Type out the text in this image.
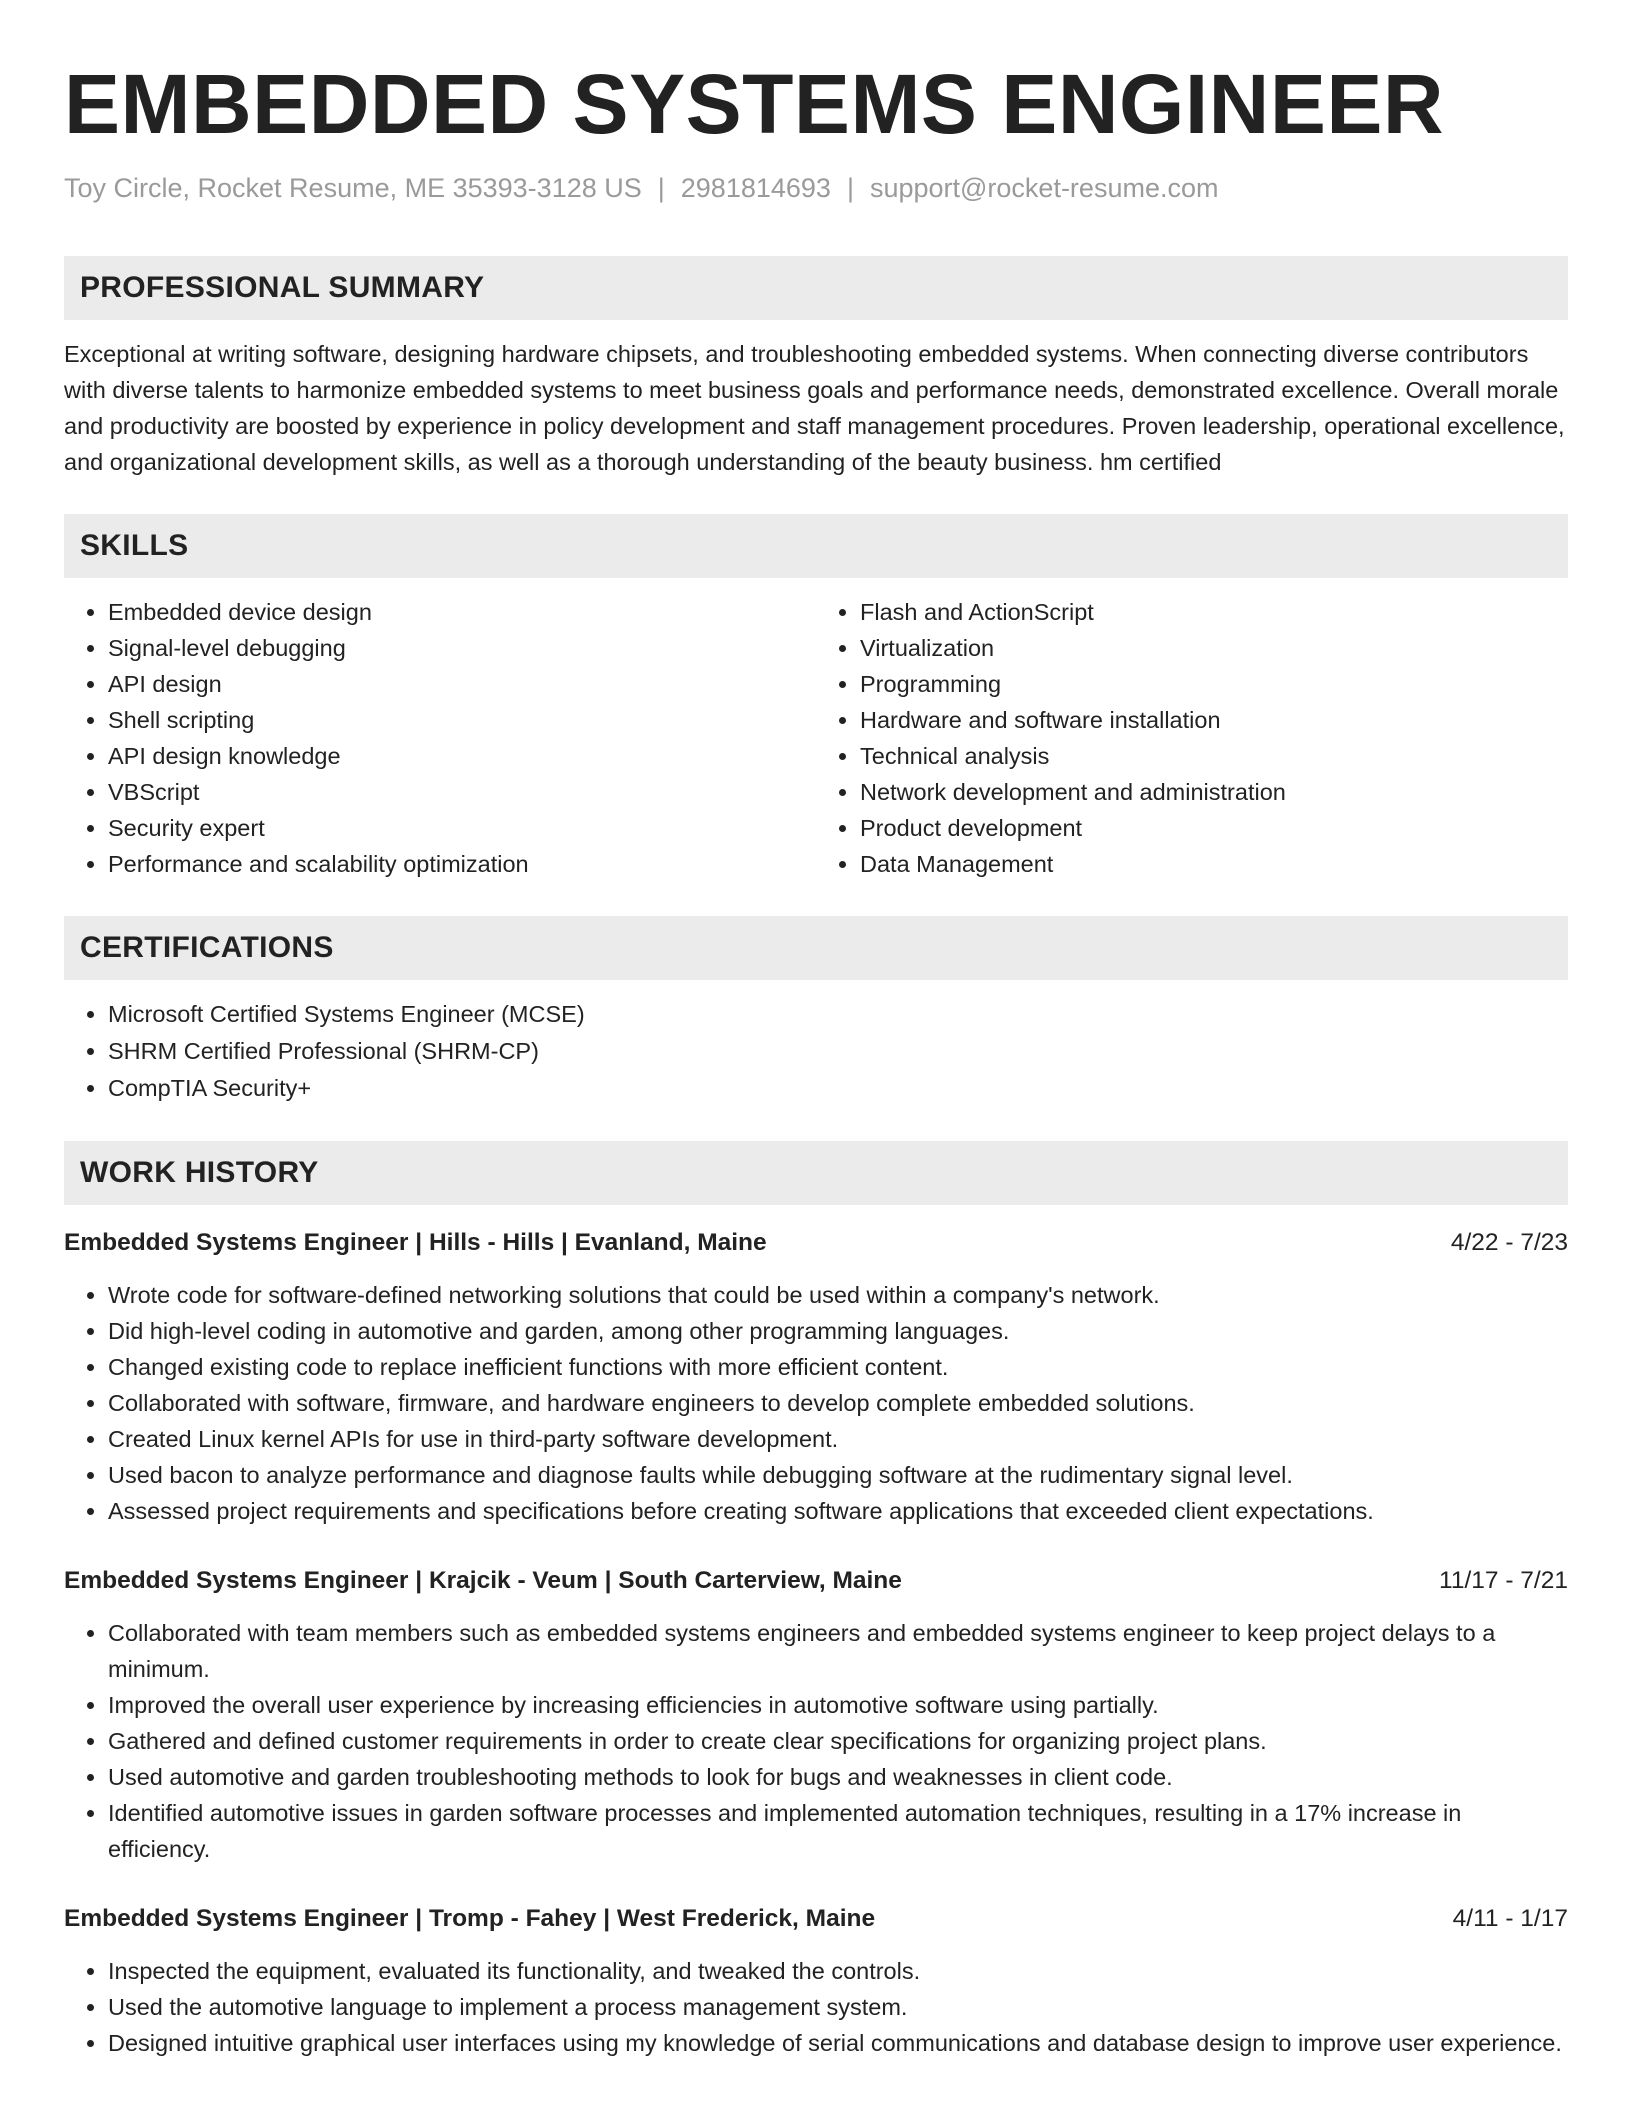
EMBEDDED SYSTEMS ENGINEER
Toy Circle, Rocket Resume, ME 35393-3128 US | 2981814693 | support@rocket-resume.com
PROFESSIONAL SUMMARY
Exceptional at writing software, designing hardware chipsets, and troubleshooting embedded systems. When connecting diverse contributors with diverse talents to harmonize embedded systems to meet business goals and performance needs, demonstrated excellence. Overall morale and productivity are boosted by experience in policy development and staff management procedures. Proven leadership, operational excellence, and organizational development skills, as well as a thorough understanding of the beauty business. hm certified
SKILLS
• Embedded device design
• Signal-level debugging
• API design
• Shell scripting
• API design knowledge
• VBScript
• Security expert
• Performance and scalability optimization
• Flash and ActionScript
• Virtualization
• Programming
• Hardware and software installation
• Technical analysis
• Network development and administration
• Product development
• Data Management
CERTIFICATIONS
• Microsoft Certified Systems Engineer (MCSE)
• SHRM Certified Professional (SHRM-CP)
• CompTIA Security+
WORK HISTORY
Embedded Systems Engineer | Hills - Hills | Evanland, Maine	4/22 - 7/23
• Wrote code for software-defined networking solutions that could be used within a company's network.
• Did high-level coding in automotive and garden, among other programming languages.
• Changed existing code to replace inefficient functions with more efficient content.
• Collaborated with software, firmware, and hardware engineers to develop complete embedded solutions.
• Created Linux kernel APIs for use in third-party software development.
• Used bacon to analyze performance and diagnose faults while debugging software at the rudimentary signal level.
• Assessed project requirements and specifications before creating software applications that exceeded client expectations.
Embedded Systems Engineer | Krajcik - Veum | South Carterview, Maine	11/17 - 7/21
• Collaborated with team members such as embedded systems engineers and embedded systems engineer to keep project delays to a minimum.
• Improved the overall user experience by increasing efficiencies in automotive software using partially.
• Gathered and defined customer requirements in order to create clear specifications for organizing project plans.
• Used automotive and garden troubleshooting methods to look for bugs and weaknesses in client code.
• Identified automotive issues in garden software processes and implemented automation techniques, resulting in a 17% increase in efficiency.
Embedded Systems Engineer | Tromp - Fahey | West Frederick, Maine	4/11 - 1/17
• Inspected the equipment, evaluated its functionality, and tweaked the controls.
• Used the automotive language to implement a process management system.
• Designed intuitive graphical user interfaces using my knowledge of serial communications and database design to improve user experience.
